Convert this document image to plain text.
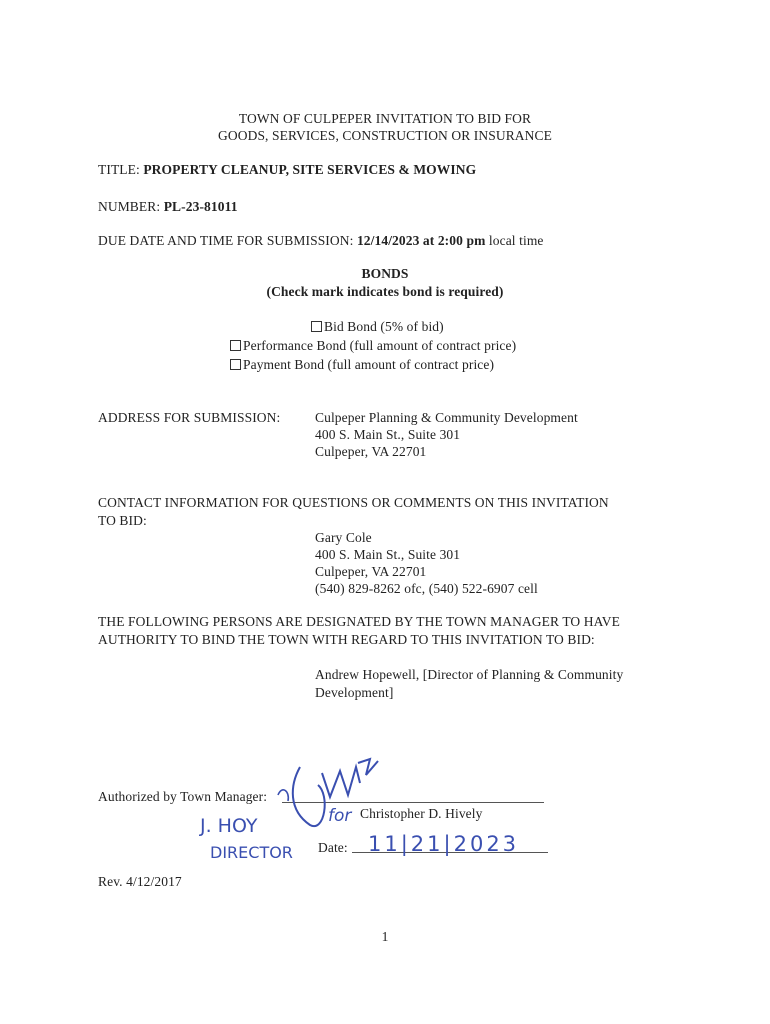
TOWN OF CULPEPER INVITATION TO BID FOR
GOODS, SERVICES, CONSTRUCTION OR INSURANCE
TITLE: PROPERTY CLEANUP, SITE SERVICES & MOWING
NUMBER: PL-23-81011
DUE DATE AND TIME FOR SUBMISSION: 12/14/2023 at 2:00 pm local time
BONDS
(Check mark indicates bond is required)
Bid Bond (5% of bid)
Performance Bond (full amount of contract price)
Payment Bond (full amount of contract price)
ADDRESS FOR SUBMISSION:	Culpeper Planning & Community Development
400 S. Main St., Suite 301
Culpeper, VA 22701
CONTACT INFORMATION FOR QUESTIONS OR COMMENTS ON THIS INVITATION
TO BID:
Gary Cole
400 S. Main St., Suite 301
Culpeper, VA 22701
(540) 829-8262 ofc, (540) 522-6907 cell
THE FOLLOWING PERSONS ARE DESIGNATED BY THE TOWN MANAGER TO HAVE
AUTHORITY TO BIND THE TOWN WITH REGARD TO THIS INVITATION TO BID:
Andrew Hopewell, [Director of Planning & Community
Development]
Authorized by Town Manager:
Christopher D. Hively
Date:
for
J. HOY
DIRECTOR	11|21|2023
Rev. 4/12/2017
1
